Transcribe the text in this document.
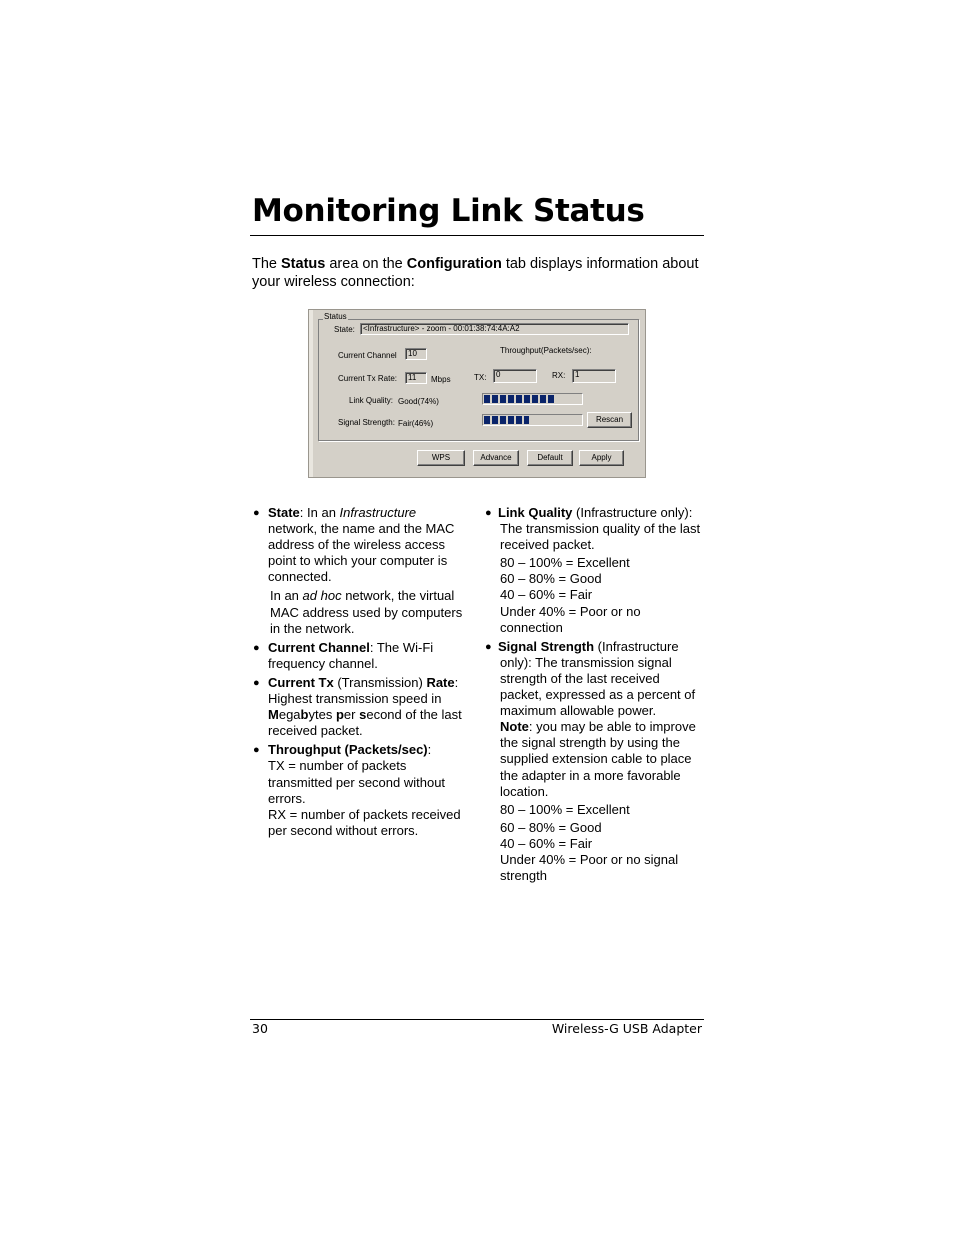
Monitoring Link Status

The Status area on the Configuration tab displays information about your wireless connection:

Status
State:	<Infrastructure> - zoom - 00:01:38:74:4A:A2
Current Channel	10	Throughput(Packets/sec):
Current Tx Rate:	11	Mbps	TX:	0	RX:	1
Link Quality: Good(74%)
Signal Strength: Fair(46%)	Rescan
WPS	Advance	Default	Apply
● State: In an Infrastructure network, the name and the MAC address of the wireless access point to which your computer is connected.
In an ad hoc network, the virtual MAC address used by computers in the network.
● Current Channel: The Wi-Fi frequency channel.
● Current Tx (Transmission) Rate: Highest transmission speed in Megabytes per second of the last received packet.
● Throughput (Packets/sec):
TX = number of packets transmitted per second without errors.
RX = number of packets received per second without errors.
● Link Quality (Infrastructure only): The transmission quality of the last received packet.
80 – 100% = Excellent
60 – 80% = Good
40 – 60% = Fair
Under 40% = Poor or no connection
● Signal Strength (Infrastructure only): The transmission signal strength of the last received packet, expressed as a percent of maximum allowable power.
Note: you may be able to improve the signal strength by using the supplied extension cable to place the adapter in a more favorable location.
80 – 100% = Excellent
60 – 80% = Good
40 – 60% = Fair
Under 40% = Poor or no signal strength
30	Wireless-G USB Adapter
